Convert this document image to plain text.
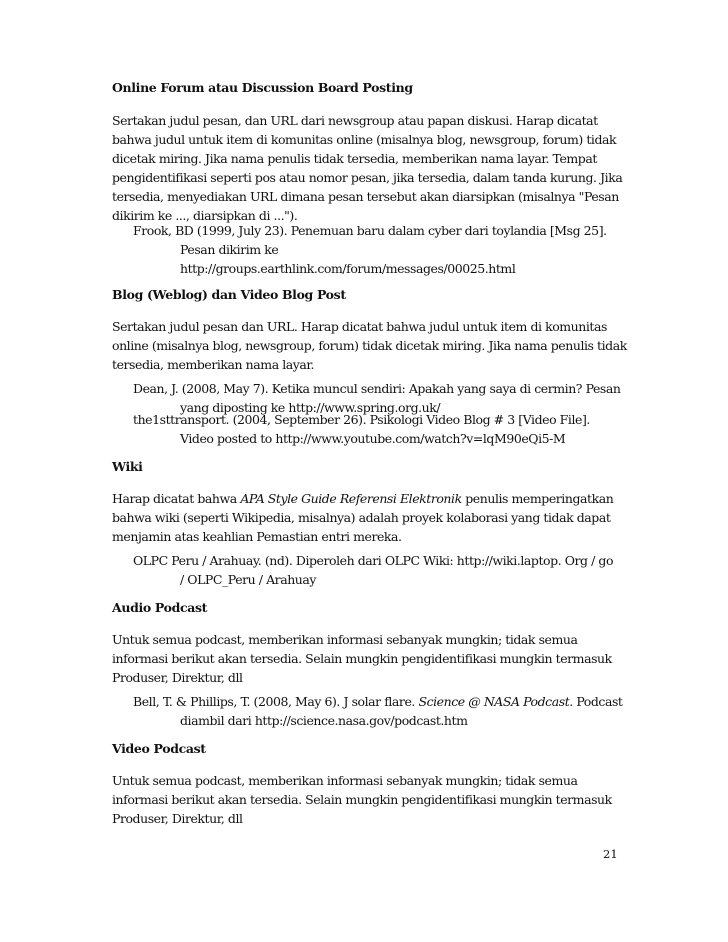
Online Forum atau Discussion Board Posting
Sertakan judul pesan, dan URL dari newsgroup atau papan diskusi. Harap dicatat
bahwa judul untuk item di komunitas online (misalnya blog, newsgroup, forum) tidak
dicetak miring. Jika nama penulis tidak tersedia, memberikan nama layar. Tempat
pengidentifikasi seperti pos atau nomor pesan, jika tersedia, dalam tanda kurung. Jika
tersedia, menyediakan URL dimana pesan tersebut akan diarsipkan (misalnya "Pesan
dikirim ke ..., diarsipkan di ...").
Frook, BD (1999, July 23). Penemuan baru dalam cyber dari toylandia [Msg 25].
Pesan dikirim ke
http://groups.earthlink.com/forum/messages/00025.html
Blog (Weblog) dan Video Blog Post
Sertakan judul pesan dan URL. Harap dicatat bahwa judul untuk item di komunitas
online (misalnya blog, newsgroup, forum) tidak dicetak miring. Jika nama penulis tidak
tersedia, memberikan nama layar.
Dean, J. (2008, May 7). Ketika muncul sendiri: Apakah yang saya di cermin? Pesan
yang diposting ke http://www.spring.org.uk/
the1sttransport. (2004, September 26). Psikologi Video Blog # 3 [Video File].
Video posted to http://www.youtube.com/watch?v=lqM90eQi5-M
Wiki
Harap dicatat bahwa APA Style Guide Referensi Elektronik penulis memperingatkan
bahwa wiki (seperti Wikipedia, misalnya) adalah proyek kolaborasi yang tidak dapat
menjamin atas keahlian Pemastian entri mereka.
OLPC Peru / Arahuay. (nd). Diperoleh dari OLPC Wiki: http://wiki.laptop. Org / go
/ OLPC_Peru / Arahuay
Audio Podcast
Untuk semua podcast, memberikan informasi sebanyak mungkin; tidak semua
informasi berikut akan tersedia. Selain mungkin pengidentifikasi mungkin termasuk
Produser, Direktur, dll
Bell, T. & Phillips, T. (2008, May 6). J solar flare. Science @ NASA Podcast. Podcast
diambil dari http://science.nasa.gov/podcast.htm
Video Podcast
Untuk semua podcast, memberikan informasi sebanyak mungkin; tidak semua
informasi berikut akan tersedia. Selain mungkin pengidentifikasi mungkin termasuk
Produser, Direktur, dll
21
